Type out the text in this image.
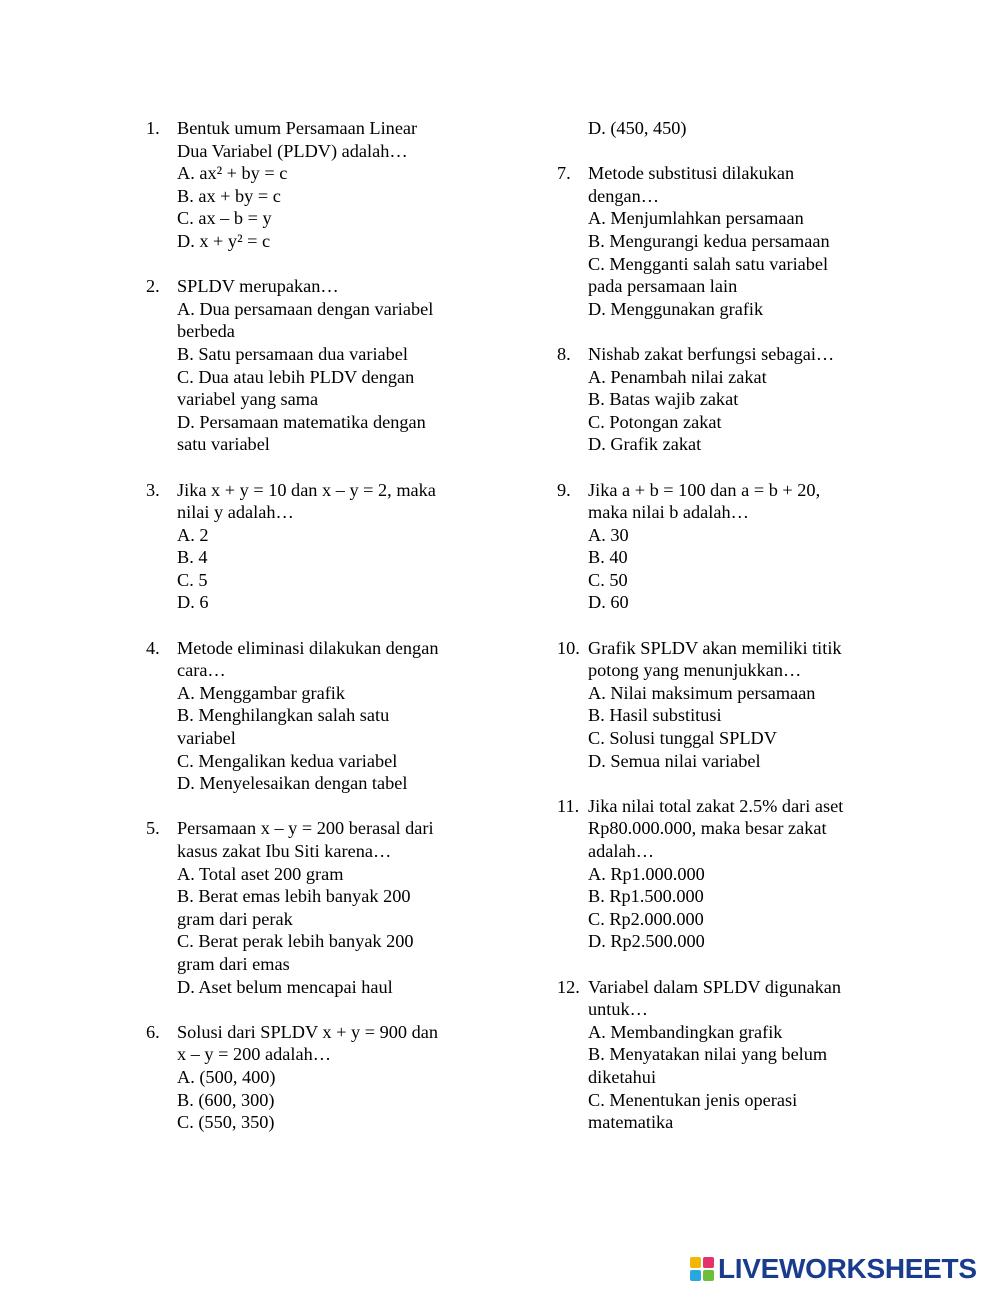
1. Bentuk umum Persamaan Linear
Dua Variabel (PLDV) adalah…
A. ax² + by = c
B. ax + by = c
C. ax – b = y
D. x + y² = c
2. SPLDV merupakan…
A. Dua persamaan dengan variabel
berbeda
B. Satu persamaan dua variabel
C. Dua atau lebih PLDV dengan
variabel yang sama
D. Persamaan matematika dengan
satu variabel
3. Jika x + y = 10 dan x – y = 2, maka
nilai y adalah…
A. 2
B. 4
C. 5
D. 6
4. Metode eliminasi dilakukan dengan
cara…
A. Menggambar grafik
B. Menghilangkan salah satu
variabel
C. Mengalikan kedua variabel
D. Menyelesaikan dengan tabel
5. Persamaan x – y = 200 berasal dari
kasus zakat Ibu Siti karena…
A. Total aset 200 gram
B. Berat emas lebih banyak 200
gram dari perak
C. Berat perak lebih banyak 200
gram dari emas
D. Aset belum mencapai haul
6. Solusi dari SPLDV x + y = 900 dan
x – y = 200 adalah…
A. (500, 400)
B. (600, 300)
C. (550, 350)
D. (450, 450)
7. Metode substitusi dilakukan
dengan…
A. Menjumlahkan persamaan
B. Mengurangi kedua persamaan
C. Mengganti salah satu variabel
pada persamaan lain
D. Menggunakan grafik
8. Nishab zakat berfungsi sebagai…
A. Penambah nilai zakat
B. Batas wajib zakat
C. Potongan zakat
D. Grafik zakat
9. Jika a + b = 100 dan a = b + 20,
maka nilai b adalah…
A. 30
B. 40
C. 50
D. 60
10. Grafik SPLDV akan memiliki titik
potong yang menunjukkan…
A. Nilai maksimum persamaan
B. Hasil substitusi
C. Solusi tunggal SPLDV
D. Semua nilai variabel
11. Jika nilai total zakat 2.5% dari aset
Rp80.000.000, maka besar zakat
adalah…
A. Rp1.000.000
B. Rp1.500.000
C. Rp2.000.000
D. Rp2.500.000
12. Variabel dalam SPLDV digunakan
untuk…
A. Membandingkan grafik
B. Menyatakan nilai yang belum
diketahui
C. Menentukan jenis operasi
matematika
LIVEWORKSHEETS
